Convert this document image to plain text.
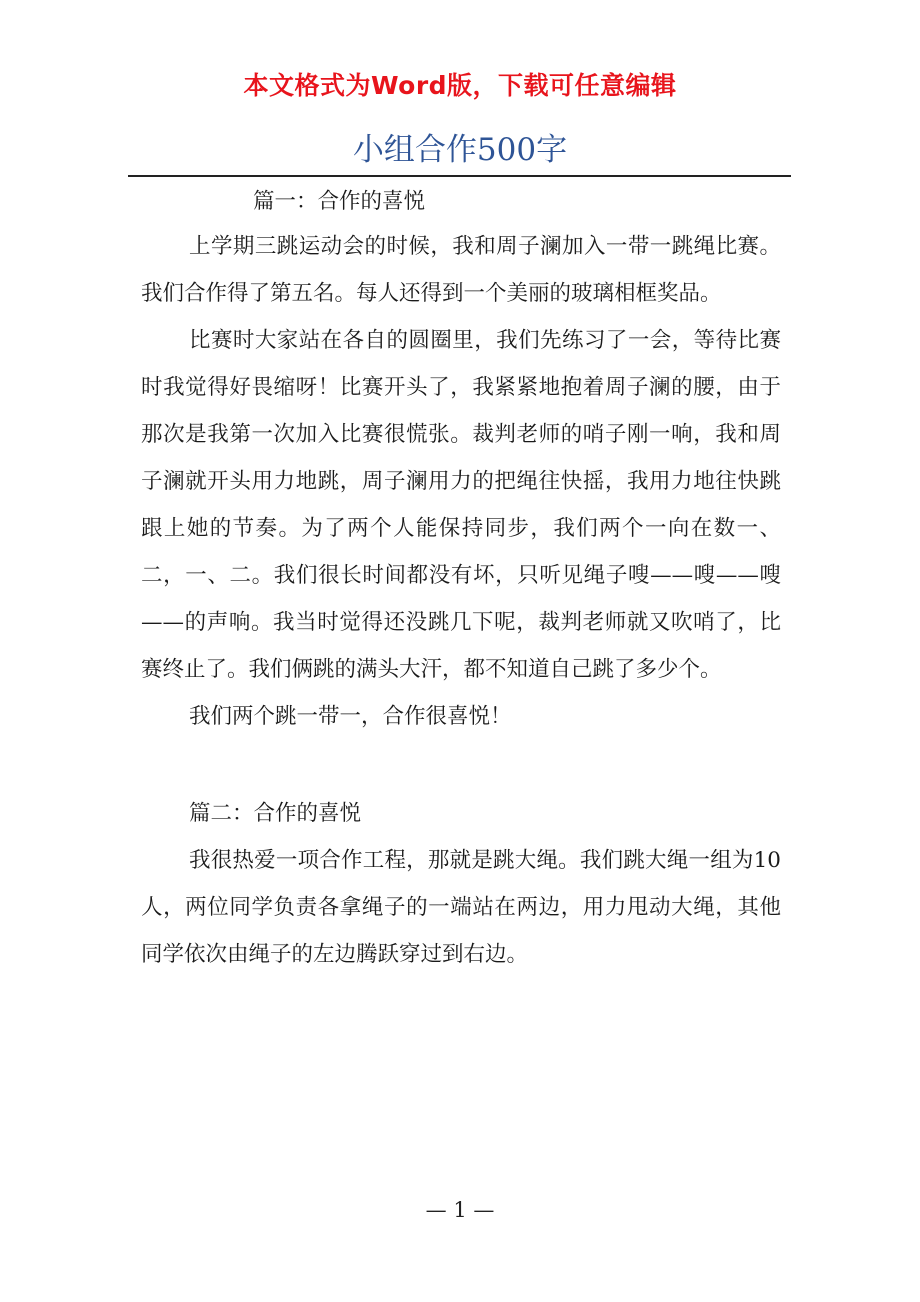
本文格式为Word版，下载可任意编辑
小组合作500字

篇一：合作的喜悦

上学期三跳运动会的时候，我和周子澜加入一带一跳绳比赛。我们合作得了第五名。每人还得到一个美丽的玻璃相框奖品。

比赛时大家站在各自的圆圈里，我们先练习了一会，等待比赛时我觉得好畏缩呀！比赛开头了，我紧紧地抱着周子澜的腰，由于那次是我第一次加入比赛很慌张。裁判老师的哨子刚一响，我和周子澜就开头用力地跳，周子澜用力的把绳往快摇，我用力地往快跳跟上她的节奏。为了两个人能保持同步，我们两个一向在数一、二，一、二。我们很长时间都没有坏，只听见绳子嗖——嗖——嗖——的声响。我当时觉得还没跳几下呢，裁判老师就又吹哨了，比赛终止了。我们俩跳的满头大汗，都不知道自己跳了多少个。

我们两个跳一带一，合作很喜悦！

篇二：合作的喜悦

我很热爱一项合作工程，那就是跳大绳。我们跳大绳一组为10人，两位同学负责各拿绳子的一端站在两边，用力甩动大绳，其他同学依次由绳子的左边腾跃穿过到右边。

— 1 —
